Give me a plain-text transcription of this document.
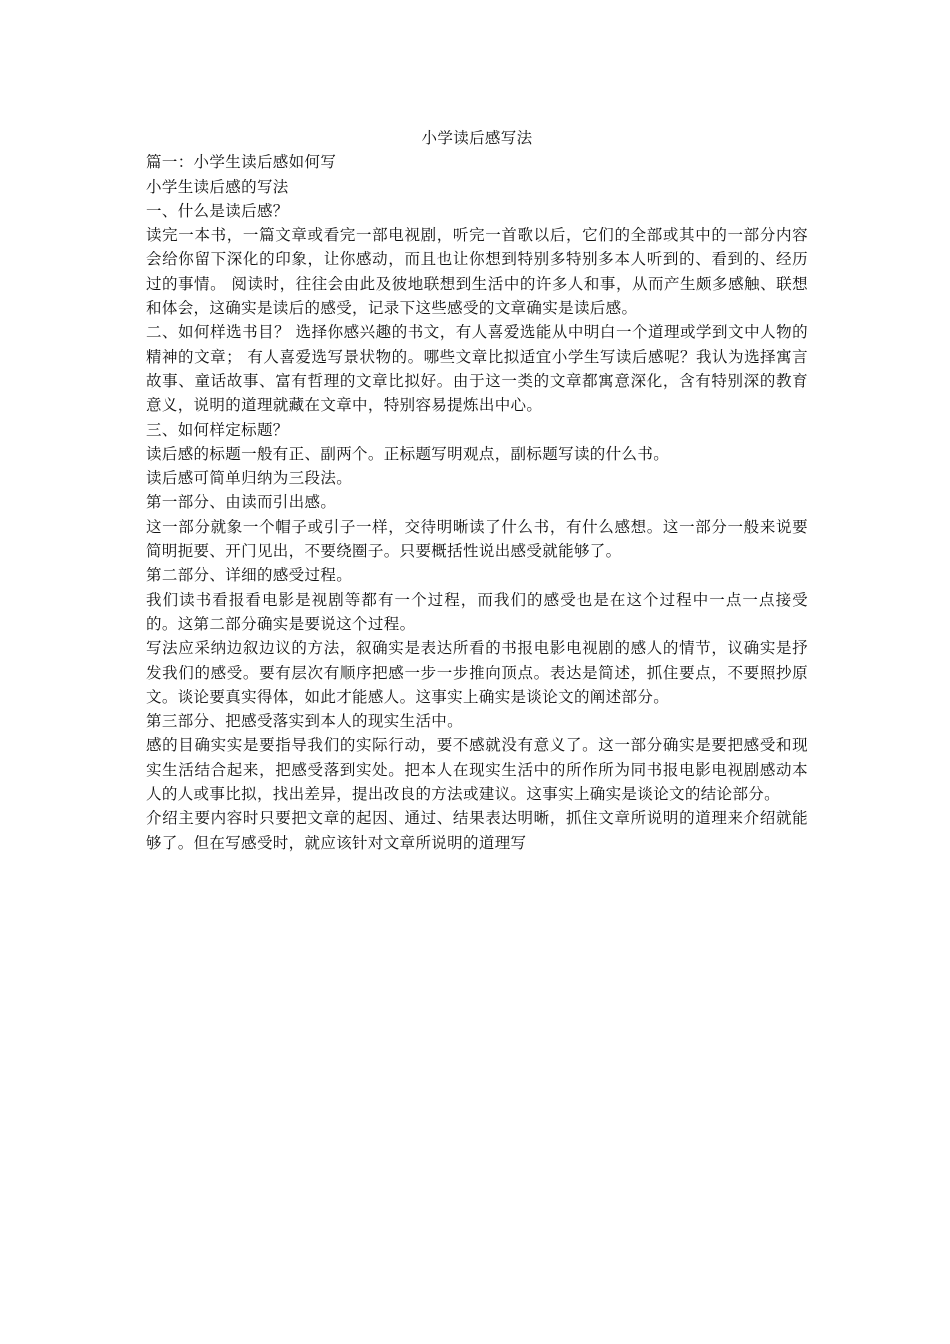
小学读后感写法

篇一：小学生读后感如何写

小学生读后感的写法

一、什么是读后感？

读完一本书，一篇文章或看完一部电视剧，听完一首歌以后，它们的全部或其中的一部分内容会给你留下深化的印象，让你感动，而且也让你想到特别多特别多本人听到的、看到的、经历过的事情。 阅读时，往往会由此及彼地联想到生活中的许多人和事，从而产生颇多感触、联想和体会，这确实是读后的感受，记录下这些感受的文章确实是读后感。

二、如何样选书目？ 选择你感兴趣的书文，有人喜爱选能从中明白一个道理或学到文中人物的精神的文章； 有人喜爱选写景状物的。哪些文章比拟适宜小学生写读后感呢？我认为选择寓言故事、童话故事、富有哲理的文章比拟好。由于这一类的文章都寓意深化，含有特别深的教育意义，说明的道理就藏在文章中，特别容易提炼出中心。

三、如何样定标题？

读后感的标题一般有正、副两个。正标题写明观点，副标题写读的什么书。

读后感可简单归纳为三段法。

第一部分、由读而引出感。

这一部分就象一个帽子或引子一样，交待明晰读了什么书，有什么感想。这一部分一般来说要简明扼要、开门见出，不要绕圈子。只要概括性说出感受就能够了。

第二部分、详细的感受过程。

我们读书看报看电影是视剧等都有一个过程，而我们的感受也是在这个过程中一点一点接受的。这第二部分确实是要说这个过程。

写法应采纳边叙边议的方法，叙确实是表达所看的书报电影电视剧的感人的情节，议确实是抒发我们的感受。要有层次有顺序把感一步一步推向顶点。表达是简述，抓住要点，不要照抄原文。谈论要真实得体，如此才能感人。这事实上确实是谈论文的阐述部分。

第三部分、把感受落实到本人的现实生活中。

感的目确实实是要指导我们的实际行动，要不感就没有意义了。这一部分确实是要把感受和现实生活结合起来，把感受落到实处。把本人在现实生活中的所作所为同书报电影电视剧感动本人的人或事比拟，找出差异，提出改良的方法或建议。这事实上确实是谈论文的结论部分。

介绍主要内容时只要把文章的起因、通过、结果表达明晰，抓住文章所说明的道理来介绍就能够了。但在写感受时，就应该针对文章所说明的道理写
